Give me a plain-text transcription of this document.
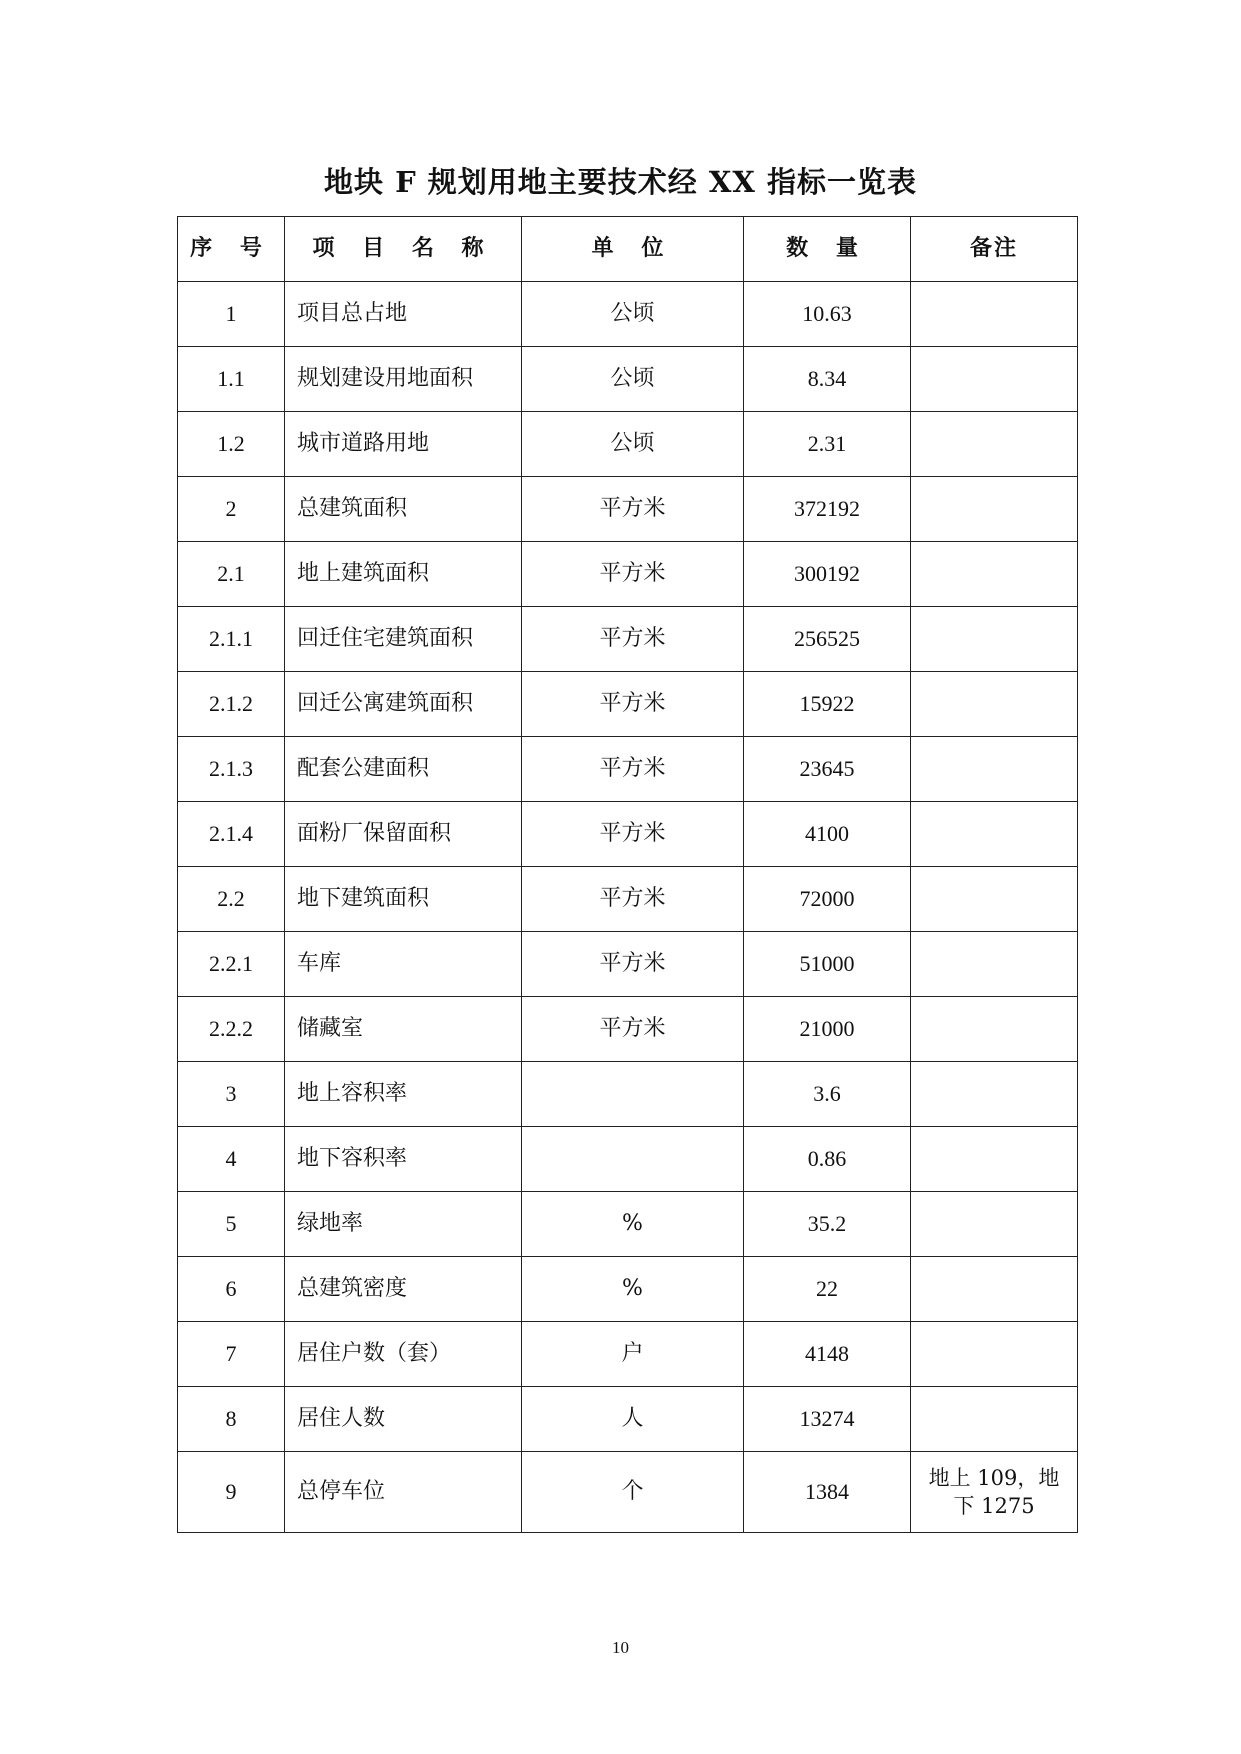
地块 F 规划用地主要技术经 XX 指标一览表
序 号	项 目 名 称	单 位	数 量	备注
1	项目总占地	公顷	10.63	
1.1	规划建设用地面积	公顷	8.34	
1.2	城市道路用地	公顷	2.31	
2	总建筑面积	平方米	372192	
2.1	地上建筑面积	平方米	300192	
2.1.1	回迁住宅建筑面积	平方米	256525	
2.1.2	回迁公寓建筑面积	平方米	15922	
2.1.3	配套公建面积	平方米	23645	
2.1.4	面粉厂保留面积	平方米	4100	
2.2	地下建筑面积	平方米	72000	
2.2.1	车库	平方米	51000	
2.2.2	储藏室	平方米	21000	
3	地上容积率		3.6	
4	地下容积率		0.86	
5	绿地率	%	35.2	
6	总建筑密度	%	22	
7	居住户数（套）	户	4148	
8	居住人数	人	13274	
9	总停车位	个	1384	地上 109，地下 1275
10
